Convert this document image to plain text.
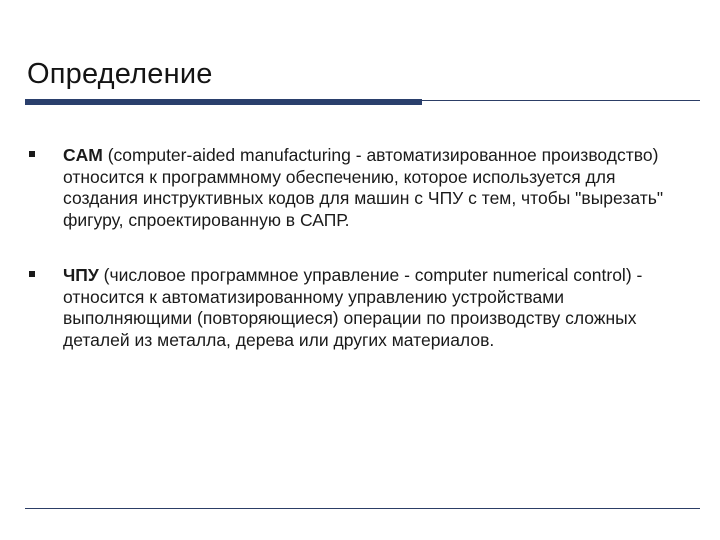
Определение
CAM (computer-aided manufacturing - автоматизированное производство) относится к программному обеспечению, которое используется для создания инструктивных кодов для машин с ЧПУ с тем, чтобы "вырезать" фигуру, спроектированную в САПР.
ЧПУ (числовое программное управление - computer numerical control) - относится к автоматизированному управлению устройствами выполняющими (повторяющиеся) операции по производству сложных деталей из металла, дерева или других материалов.
